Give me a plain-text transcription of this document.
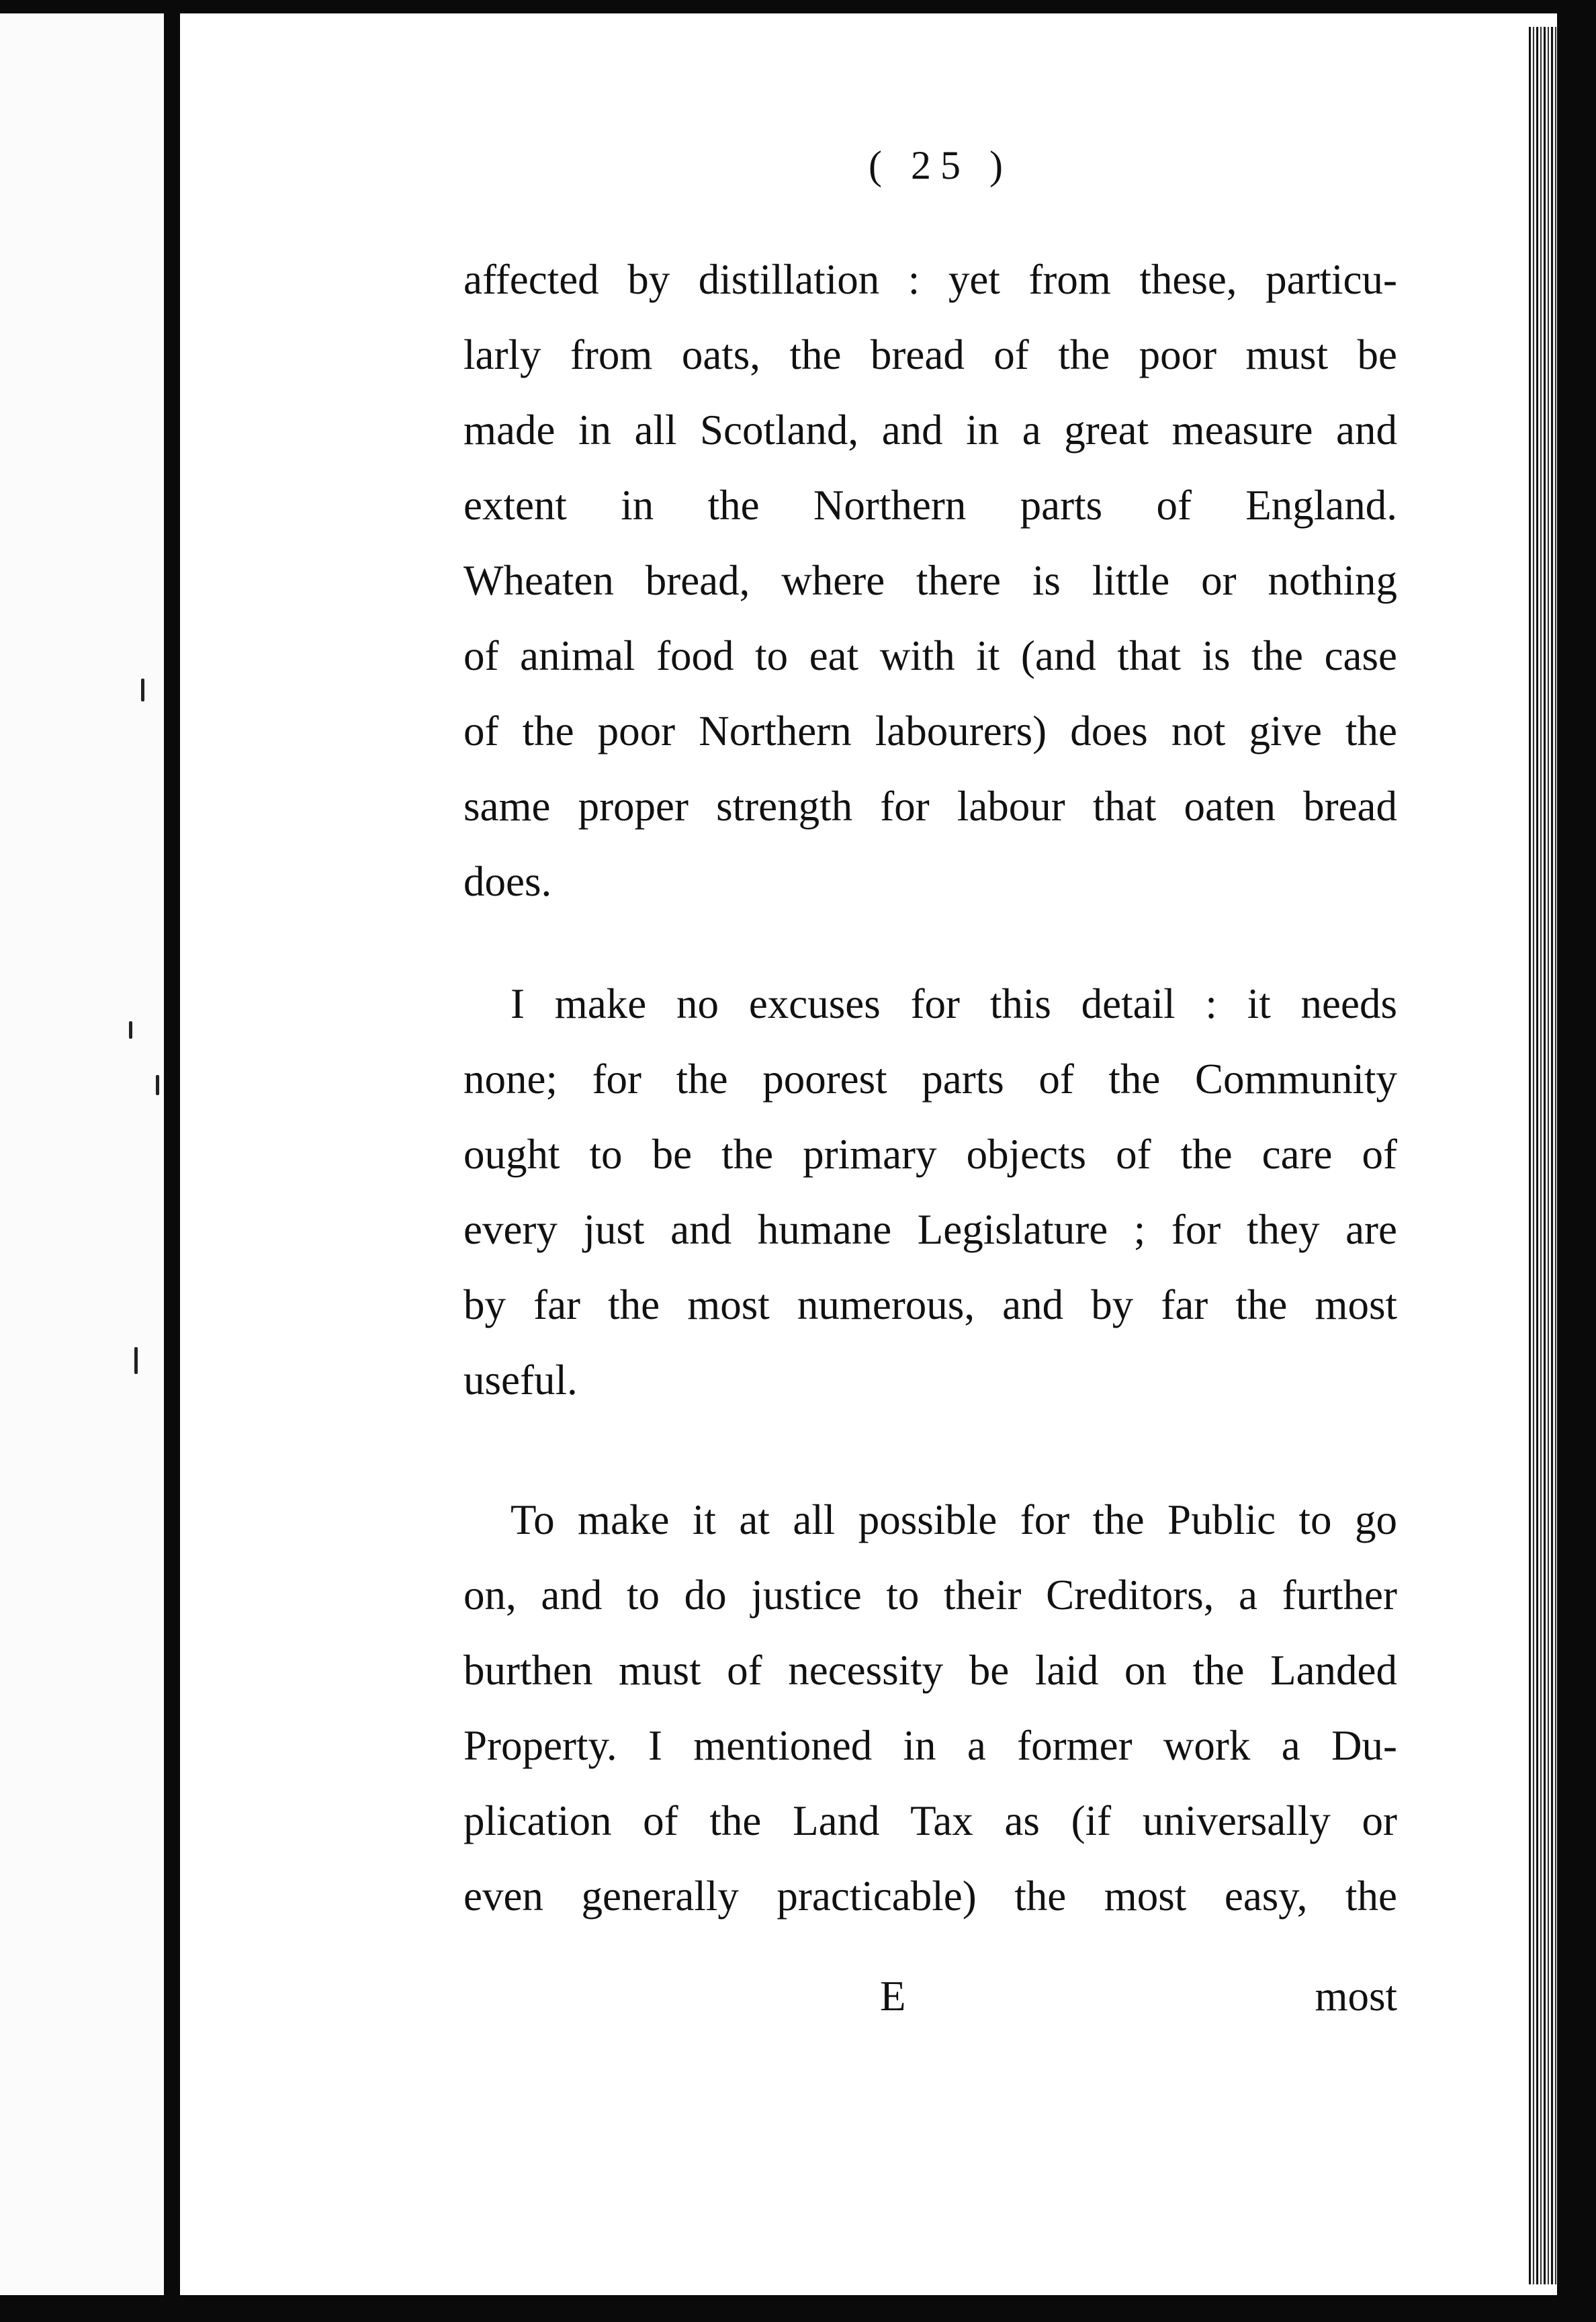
( 25 )
affected by distillation : yet from these, particu-
larly from oats, the bread of the poor must be
made in all Scotland, and in a great measure and
extent in the Northern parts of England.
Wheaten bread, where there is little or nothing
of animal food to eat with it (and that is the case
of the poor Northern labourers) does not give the
same proper strength for labour that oaten bread
does.
I make no excuses for this detail : it needs
none; for the poorest parts of the Community
ought to be the primary objects of the care of
every just and humane Legislature ; for they are
by far the most numerous, and by far the most
useful.
To make it at all possible for the Public to go
on, and to do justice to their Creditors, a further
burthen must of necessity be laid on the Landed
Property. I mentioned in a former work a Du-
plication of the Land Tax as (if universally or
even generally practicable) the most easy, the
E	most
